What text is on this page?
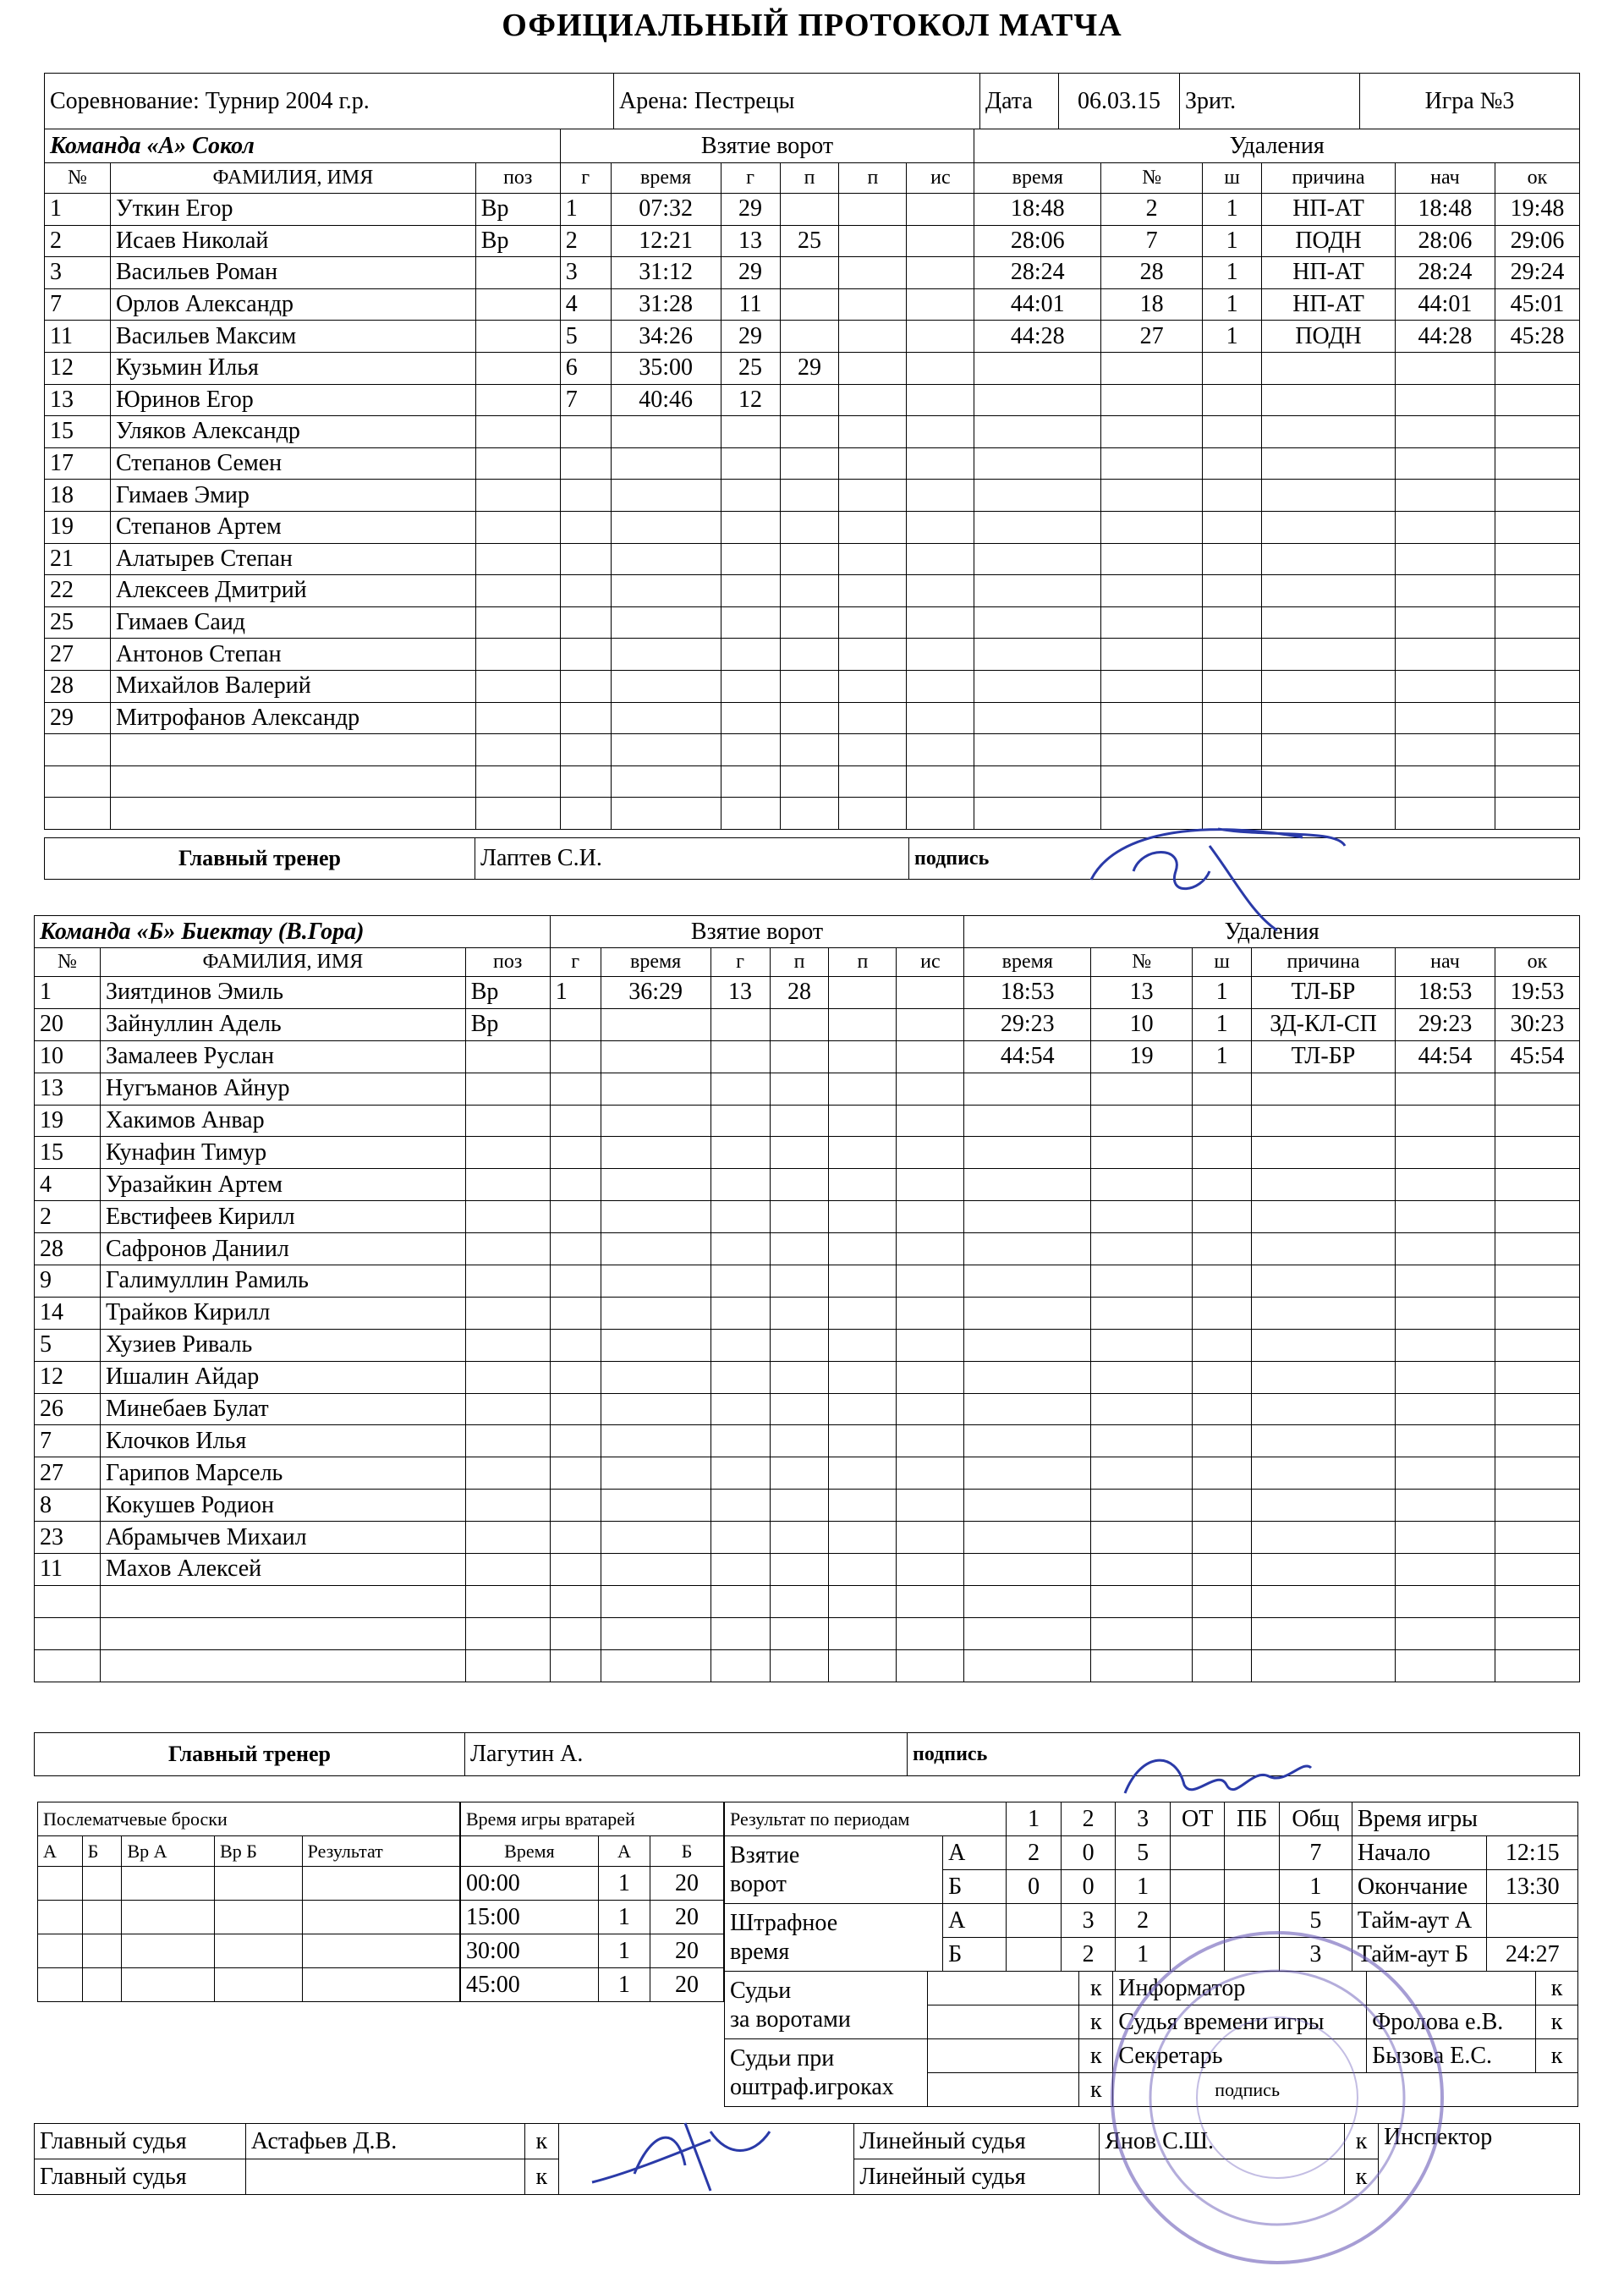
ОФИЦИАЛЬНЫЙ ПРОТОКОЛ МАТЧА
Соревнование: Турнир 2004 г.р.	Арена: Пестрецы	Дата	06.03.15	Зрит.	Игра №3
Команда «А» Сокол			Взятие ворот						Удаления					
№	ФАМИЛИЯ, ИМЯ	поз	г	время	г	п	п	ис	время	№	ш	причина	нач	ок
1	Уткин Егор	Вр	1	07:32	29				18:48	2	1	НП-АТ	18:48	19:48
2	Исаев Николай	Вр	2	12:21	13	25			28:06	7	1	ПОДН	28:06	29:06
3	Васильев Роман		3	31:12	29				28:24	28	1	НП-АТ	28:24	29:24
7	Орлов Александр		4	31:28	11				44:01	18	1	НП-АТ	44:01	45:01
11	Васильев Максим		5	34:26	29				44:28	27	1	ПОДН	44:28	45:28
12	Кузьмин Илья		6	35:00	25	29								
13	Юринов Егор		7	40:46	12									
15	Уляков Александр													
17	Степанов Семен													
18	Гимаев Эмир													
19	Степанов Артем													
21	Алатырев Степан													
22	Алексеев Дмитрий													
25	Гимаев Саид													
27	Антонов Степан													
28	Михайлов Валерий													
29	Митрофанов Александр													

Главный тренер	Лаптев С.И.	подпись	
Команда «Б» Биектау (В.Гора)			Взятие ворот						Удаления					
№	ФАМИЛИЯ, ИМЯ	поз	г	время	г	п	п	ис	время	№	ш	причина	нач	ок
1	Зиятдинов Эмиль	Вр	1	36:29	13	28			18:53	13	1	ТЛ-БР	18:53	19:53
20	Зайнуллин Адель	Вр							29:23	10	1	ЗД-КЛ-СП	29:23	30:23
10	Замалеев Руслан								44:54	19	1	ТЛ-БР	44:54	45:54
13	Нугъманов Айнур													
19	Хакимов Анвар													
15	Кунафин Тимур													
4	Уразайкин Артем													
2	Евстифеев Кирилл													
28	Сафронов Даниил													
9	Галимуллин Рамиль													
14	Трайков Кирилл													
5	Хузиев Риваль													
12	Ишалин Айдар													
26	Минебаев Булат													
7	Клочков Илья													
27	Гарипов Марсель													
8	Кокушев Родион													
23	Абрамычев Михаил													
11	Махов Алексей													

Главный тренер	Лагутин А.	подпись	
Послематчевые броски				
А	Б	Вр А	Вр Б	Результат

Время игры вратарей		
Время	А	Б
00:00	1	20
15:00	1	20
30:00	1	20
45:00	1	20
Результат по периодам		1	2	3	ОТ	ПБ	Общ	Время игры	

Взятие
ворот	А	2	0	5			7	Начало	12:15
	Б	0	0	1			1	Окончание	13:30

Штрафное
время	А		3	2			5	Тайм-аут А	
	Б		2	1			3	Тайм-аут Б	24:27
Судьи
за воротами		к	Информатор		к
		к	Судья времени игры	Фролова е.В.	к

Судьи при
оштраф.игроках		к	Секретарь	Бызова Е.С.	к
		к	подпись		
Главный судья	Астафьев Д.В.	к		Линейный судья	Янов С.Ш.	к	Инспектор
Главный судья		к		Линейный судья		к	
